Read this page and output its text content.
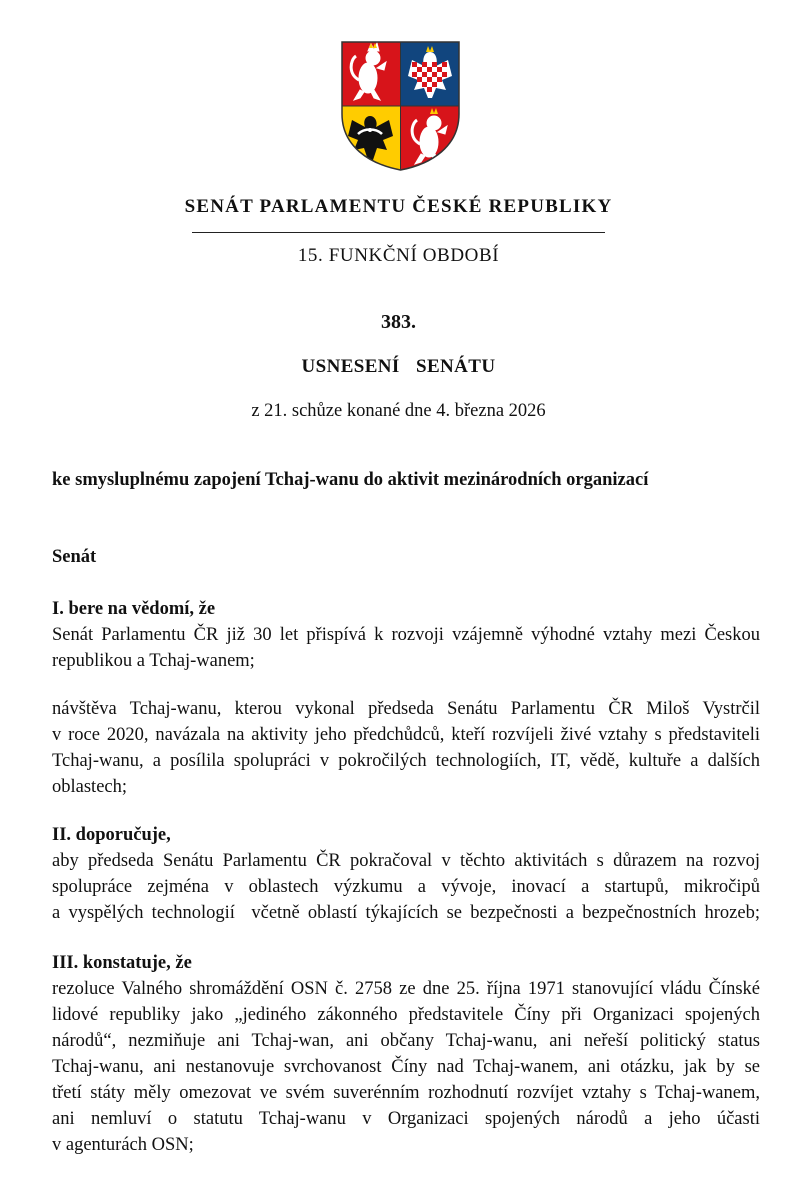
SENÁT PARLAMENTU ČESKÉ REPUBLIKY
15. FUNKČNÍ OBDOBÍ
383.
USNESENÍ  SENÁTU
z 21. schůze konané dne 4. března 2026
ke smysluplnému zapojení Tchaj-wanu do aktivit mezinárodních organizací
Senát
I. bere na vědomí, že
Senát Parlamentu ČR již 30 let přispívá k rozvoji vzájemně výhodné vztahy mezi Českou
republikou a Tchaj-wanem;
návštěva Tchaj-wanu, kterou vykonal předseda Senátu Parlamentu ČR Miloš Vystrčil
v roce 2020, navázala na aktivity jeho předchůdců, kteří rozvíjeli živé vztahy s představiteli
Tchaj-wanu, a posílila spolupráci v pokročilých technologiích, IT, vědě, kultuře a dalších
oblastech;
II. doporučuje,
aby předseda Senátu Parlamentu ČR pokračoval v těchto aktivitách s důrazem na rozvoj
spolupráce zejména v oblastech výzkumu a vývoje, inovací a startupů, mikročipů
a vyspělých technologií  včetně oblastí týkajících se bezpečnosti a bezpečnostních hrozeb;
III. konstatuje, že
rezoluce Valného shromáždění OSN č. 2758 ze dne 25. října 1971 stanovující vládu Čínské
lidové republiky jako „jediného zákonného představitele Číny při Organizaci spojených
národů“, nezmiňuje ani Tchaj-wan, ani občany Tchaj-wanu, ani neřeší politický status
Tchaj-wanu, ani nestanovuje svrchovanost Číny nad Tchaj-wanem, ani otázku, jak by se
třetí státy měly omezovat ve svém suverénním rozhodnutí rozvíjet vztahy s Tchaj-wanem,
ani nemluví o statutu Tchaj-wanu v Organizaci spojených národů a jeho účasti
v agenturách OSN;
